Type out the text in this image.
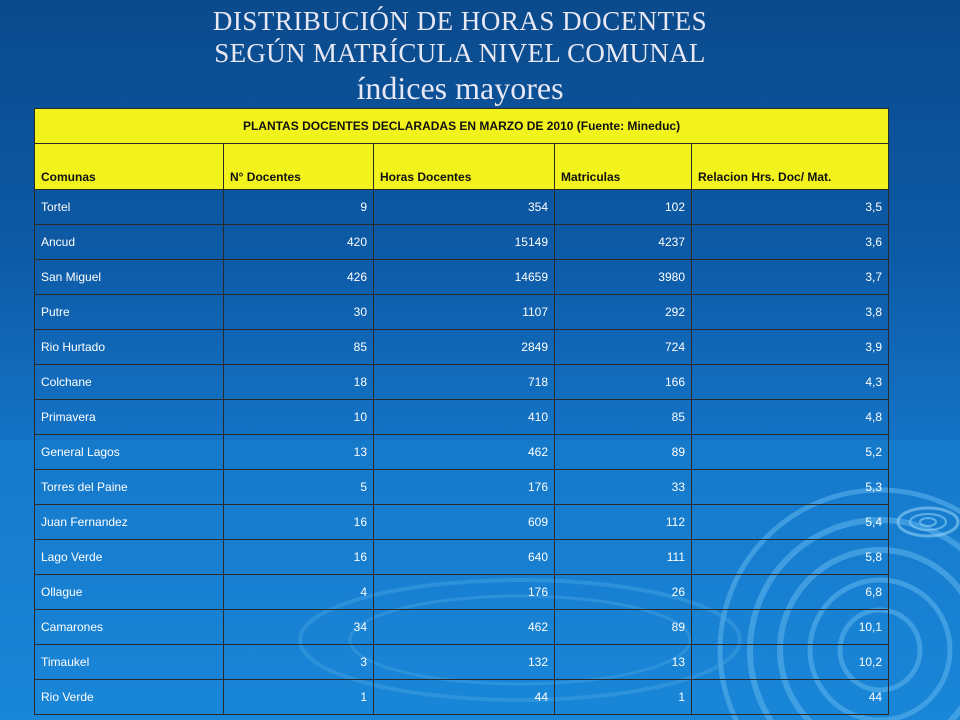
DISTRIBUCIÓN DE HORAS DOCENTES
SEGÚN MATRÍCULA NIVEL COMUNAL
índices mayores
PLANTAS DOCENTES DECLARADAS EN MARZO DE 2010 (Fuente: Mineduc)				
Comunas	N° Docentes	Horas Docentes	Matriculas	Relacion Hrs. Doc/ Mat.
Tortel	9	354	102	3,5
Ancud	420	15149	4237	3,6
San Miguel	426	14659	3980	3,7
Putre	30	1107	292	3,8
Rio Hurtado	85	2849	724	3,9
Colchane	18	718	166	4,3
Primavera	10	410	85	4,8
General Lagos	13	462	89	5,2
Torres del Paine	5	176	33	5,3
Juan Fernandez	16	609	112	5,4
Lago Verde	16	640	111	5,8
Ollague	4	176	26	6,8
Camarones	34	462	89	10,1
Timaukel	3	132	13	10,2
Rio Verde	1	44	1	44
